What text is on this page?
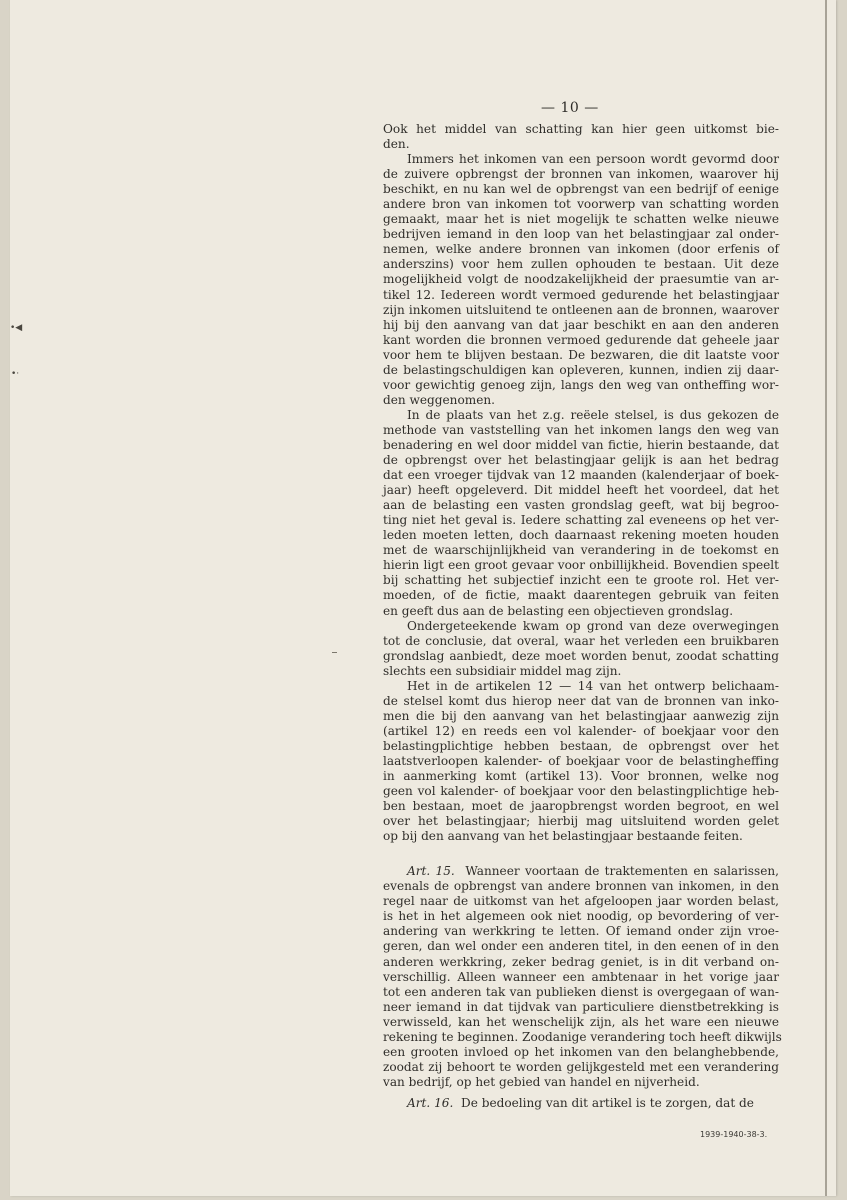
— 10 —

Ook het middel van schatting kan hier geen uitkomst bie-
den.

Immers het inkomen van een persoon wordt gevormd door
de zuivere opbrengst der bronnen van inkomen, waarover hij
beschikt, en nu kan wel de opbrengst van een bedrijf of eenige
andere bron van inkomen tot voorwerp van schatting worden
gemaakt, maar het is niet mogelijk te schatten welke nieuwe
bedrijven iemand in den loop van het belastingjaar zal onder-
nemen, welke andere bronnen van inkomen (door erfenis of
anderszins) voor hem zullen ophouden te bestaan. Uit deze
mogelijkheid volgt de noodzakelijkheid der praesumtie van ar-
tikel 12. Iedereen wordt vermoed gedurende het belastingjaar
zijn inkomen uitsluitend te ontleenen aan de bronnen, waarover
hij bij den aanvang van dat jaar beschikt en aan den anderen
kant worden die bronnen vermoed gedurende dat geheele jaar
voor hem te blijven bestaan. De bezwaren, die dit laatste voor
de belastingschuldigen kan opleveren, kunnen, indien zij daar-
voor gewichtig genoeg zijn, langs den weg van ontheffing wor-
den weggenomen.

In de plaats van het z.g. reëele stelsel, is dus gekozen de
methode van vaststelling van het inkomen langs den weg van
benadering en wel door middel van fictie, hierin bestaande, dat
de opbrengst over het belastingjaar gelijk is aan het bedrag
dat een vroeger tijdvak van 12 maanden (kalenderjaar of boek-
jaar) heeft opgeleverd. Dit middel heeft het voordeel, dat het
aan de belasting een vasten grondslag geeft, wat bij begroo-
ting niet het geval is. Iedere schatting zal eveneens op het ver-
leden moeten letten, doch daarnaast rekening moeten houden
met de waarschijnlijkheid van verandering in de toekomst en
hierin ligt een groot gevaar voor onbillijkheid. Bovendien speelt
bij schatting het subjectief inzicht een te groote rol. Het ver-
moeden, of de fictie, maakt daarentegen gebruik van feiten
en geeft dus aan de belasting een objectieven grondslag.

Ondergeteekende kwam op grond van deze overwegingen
tot de conclusie, dat overal, waar het verleden een bruikbaren
grondslag aanbiedt, deze moet worden benut, zoodat schatting
slechts een subsidiair middel mag zijn.

Het in de artikelen 12 — 14 van het ontwerp belichaam-
de stelsel komt dus hierop neer dat van de bronnen van inko-
men die bij den aanvang van het belastingjaar aanwezig zijn
(artikel 12) en reeds een vol kalender- of boekjaar voor den
belastingplichtige hebben bestaan, de opbrengst over het
laatstverloopen kalender- of boekjaar voor de belastingheffing
in aanmerking komt (artikel 13). Voor bronnen, welke nog
geen vol kalender- of boekjaar voor den belastingplichtige heb-
ben bestaan, moet de jaaropbrengst worden begroot, en wel
over het belastingjaar; hierbij mag uitsluitend worden gelet
op bij den aanvang van het belastingjaar bestaande feiten.

Art. 15. Wanneer voortaan de traktementen en salarissen,
evenals de opbrengst van andere bronnen van inkomen, in den
regel naar de uitkomst van het afgeloopen jaar worden belast,
is het in het algemeen ook niet noodig, op bevordering of ver-
andering van werkkring te letten. Of iemand onder zijn vroe-
geren, dan wel onder een anderen titel, in den eenen of in den
anderen werkkring, zeker bedrag geniet, is in dit verband on-
verschillig. Alleen wanneer een ambtenaar in het vorige jaar
tot een anderen tak van publieken dienst is overgegaan of wan-
neer iemand in dat tijdvak van particuliere dienstbetrekking is
verwisseld, kan het wenschelijk zijn, als het ware een nieuwe
rekening te beginnen. Zoodanige verandering toch heeft dikwijls
een grooten invloed op het inkomen van den belanghebbende,
zoodat zij behoort te worden gelijkgesteld met een verandering
van bedrijf, op het gebied van handel en nijverheid.

Art. 16. De bedoeling van dit artikel is te zorgen, dat de

•◀
•·
1939-1940-38-3.
